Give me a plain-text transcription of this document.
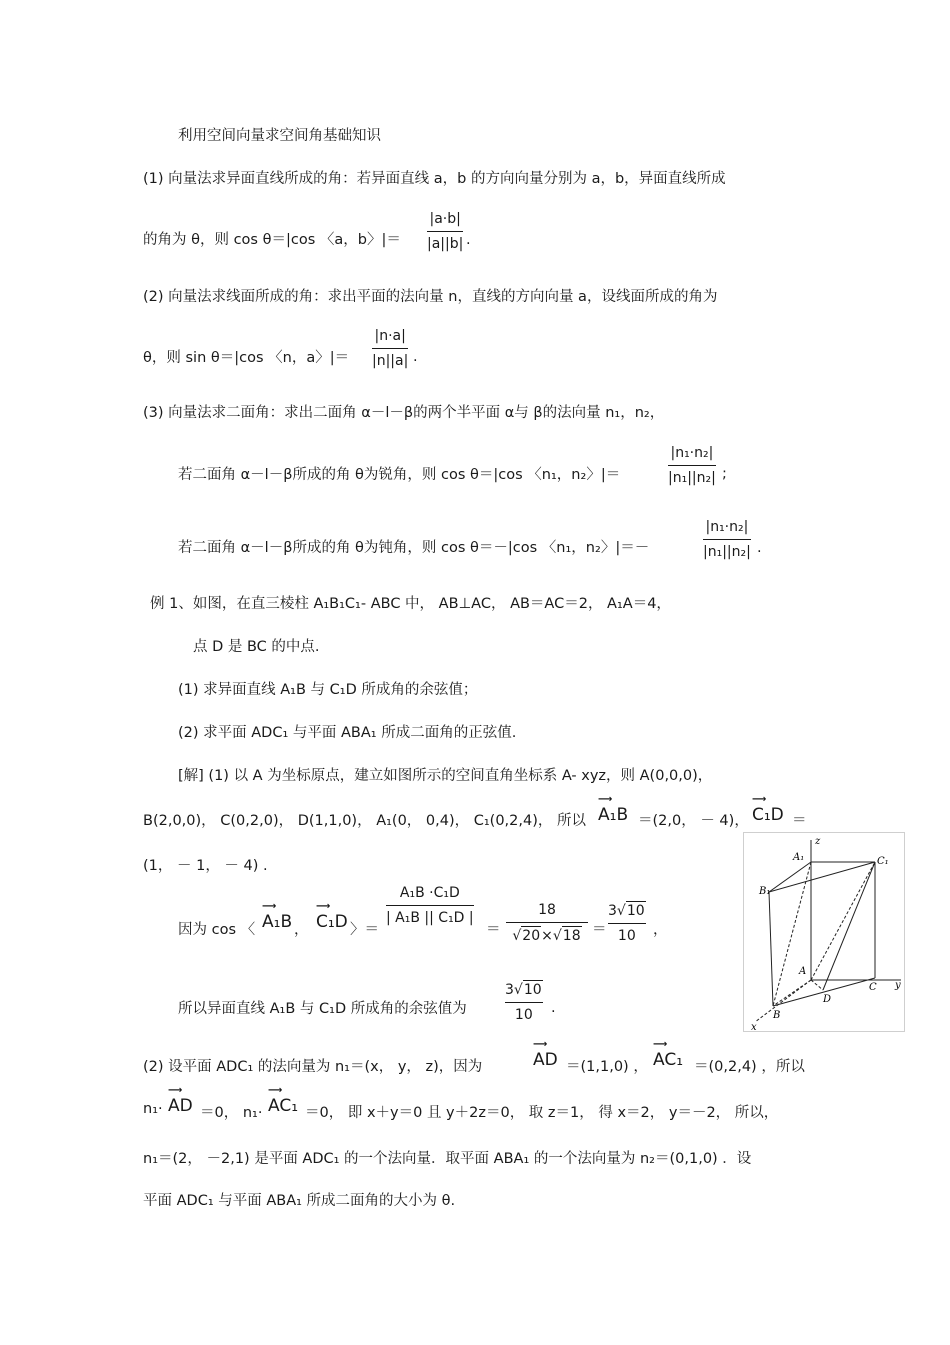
利用空间向量求空间角基础知识
(1) 向量法求异面直线所成的角：若异面直线 a，b 的方向向量分别为 a，b，异面直线所成
的角为 θ，则 cos θ＝|cos 〈a，b〉|＝
|a·b|
|a||b| .
(2) 向量法求线面所成的角：求出平面的法向量 n，直线的方向向量 a，设线面所成的角为
θ，则 sin θ＝|cos 〈n，a〉|＝
|n·a|
|n||a| .
(3) 向量法求二面角：求出二面角 α－l－β的两个半平面 α与 β的法向量 n₁，n₂，
若二面角 α－l－β所成的角 θ为锐角，则 cos θ＝|cos 〈n₁，n₂〉|＝
|n₁·n₂|
|n₁||n₂| ;
若二面角 α－l－β所成的角 θ为钝角，则 cos θ＝－|cos 〈n₁，n₂〉|＝－
|n₁·n₂|
|n₁||n₂| .
例 1、如图，在直三棱柱 A₁B₁C₁- ABC 中， AB⊥AC， AB＝AC＝2， A₁A＝4，
点 D 是 BC 的中点.
(1) 求异面直线 A₁B 与 C₁D 所成角的余弦值；
(2) 求平面 ADC₁ 与平面 ABA₁ 所成二面角的正弦值.
[解] (1) 以 A 为坐标原点，建立如图所示的空间直角坐标系 A- xyz，则 A(0,0,0)，
B(2,0,0)， C(0,2,0)， D(1,1,0)， A₁(0， 0,4)， C₁(0,2,4)， 所以
⟶
A₁B ＝(2,0， － 4)，
⟶
C₁D ＝
(1， － 1， － 4) .
因为 cos 〈
⟶
A₁B ，
⟶
C₁D 〉＝
A₁B ·C₁D
| A₁B || C₁D |
＝
18
√20×√18 ＝
3√10
10 ，
所以异面直线 A₁B 与 C₁D 所成角的余弦值为
3√10
10 .
(2) 设平面 ADC₁ 的法向量为 n₁＝(x， y， z)，因为
⟶
AD ＝(1,1,0) ，
⟶
AC₁ ＝(0,2,4) ，所以
n₁·
⟶
AD ＝0， n₁·
⟶
AC₁ ＝0， 即 x＋y＝0 且 y＋2z＝0， 取 z＝1， 得 x＝2， y＝－2， 所以，
n₁＝(2， －2,1) 是平面 ADC₁ 的一个法向量．取平面 ABA₁ 的一个法向量为 n₂＝(0,1,0) ．设
平面 ADC₁ 与平面 ABA₁ 所成二面角的大小为 θ.
A₁
B₁
C₁
A
B
C
D
x
y
z
